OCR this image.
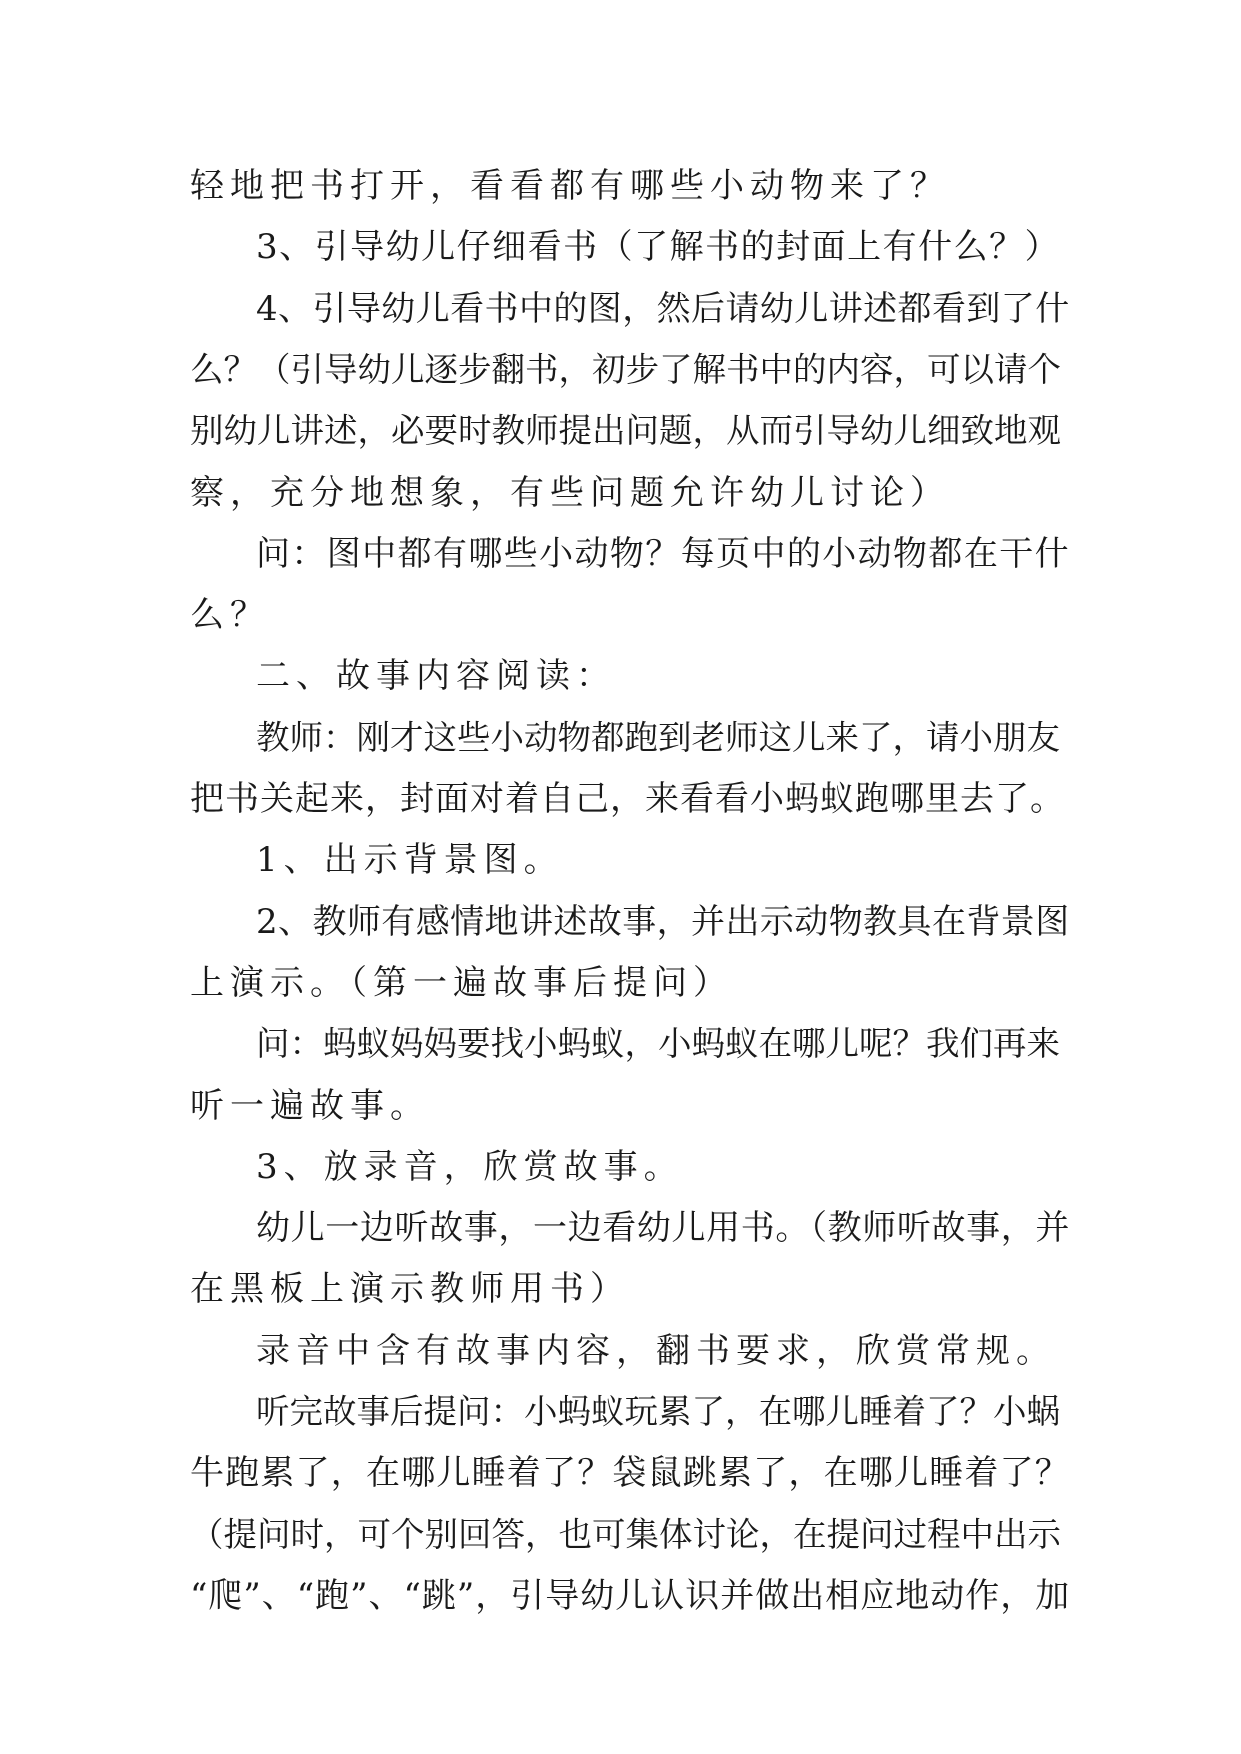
轻地把书打开，看看都有哪些小动物来了？
3、引导幼儿仔细看书（了解书的封面上有什么？）
4、引导幼儿看书中的图，然后请幼儿讲述都看到了什
么？（引导幼儿逐步翻书，初步了解书中的内容，可以请个
别幼儿讲述，必要时教师提出问题，从而引导幼儿细致地观
察，充分地想象，有些问题允许幼儿讨论）
问：图中都有哪些小动物？每页中的小动物都在干什
么？
二、故事内容阅读：
教师：刚才这些小动物都跑到老师这儿来了，请小朋友
把书关起来，封面对着自己，来看看小蚂蚁跑哪里去了。
1、出示背景图。
2、教师有感情地讲述故事，并出示动物教具在背景图
上演示。（第一遍故事后提问）
问：蚂蚁妈妈要找小蚂蚁，小蚂蚁在哪儿呢？我们再来
听一遍故事。
3、放录音，欣赏故事。
幼儿一边听故事，一边看幼儿用书。（教师听故事，并
在黑板上演示教师用书）
录音中含有故事内容，翻书要求，欣赏常规。
听完故事后提问：小蚂蚁玩累了，在哪儿睡着了？小蜗
牛跑累了，在哪儿睡着了？袋鼠跳累了，在哪儿睡着了？
（提问时，可个别回答，也可集体讨论，在提问过程中出示
“爬”、“跑”、“跳”，引导幼儿认识并做出相应地动作，加
